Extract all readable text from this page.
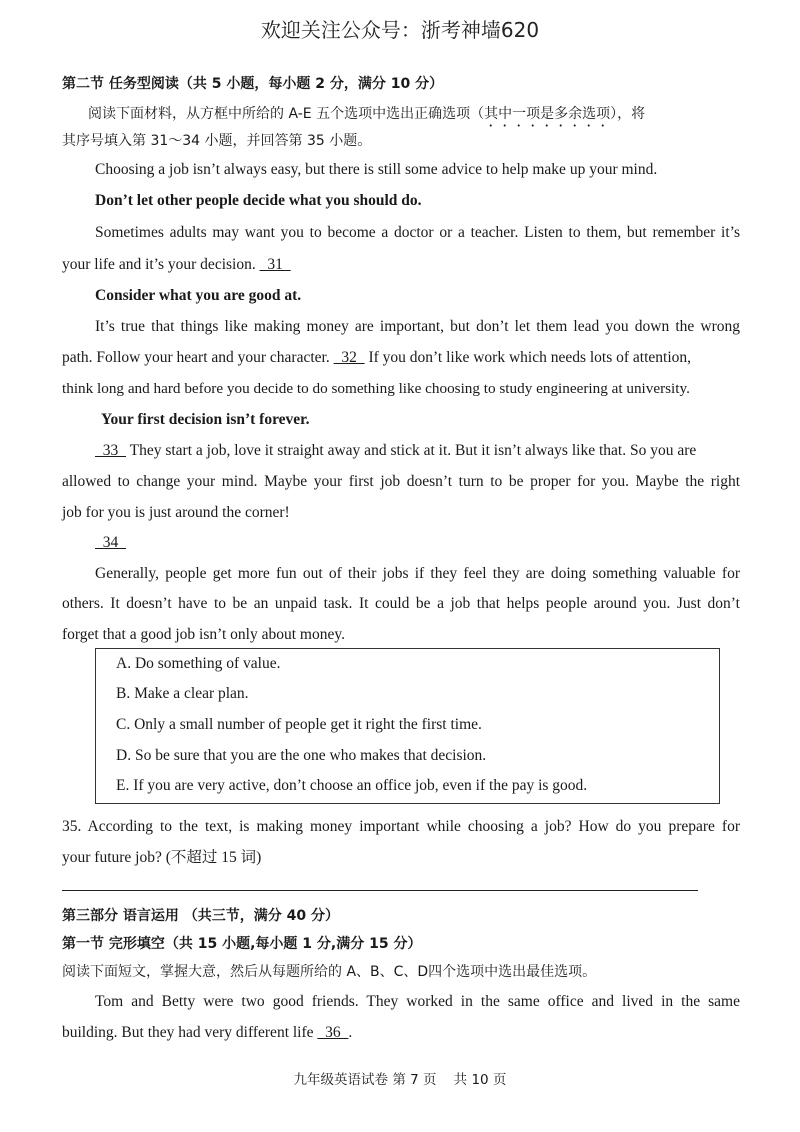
欢迎关注公众号：浙考神墙620
第二节 任务型阅读（共 5 小题，每小题 2 分，满分 10 分）
阅读下面材料，从方框中所给的 A-E 五个选项中选出正确选项（其中一项是多余选项），将
其序号填入第 31～34 小题，并回答第 35 小题。
Choosing a job isn’t always easy, but there is still some advice to help make up your mind.
Don’t let other people decide what you should do.
Sometimes adults may want you to become a doctor or a teacher. Listen to them, but remember it’s
your life and it’s your decision.   31
Consider what you are good at.
It’s true that things like making money are important, but don’t let them lead you down the wrong
path. Follow your heart and your character.   32   If you don’t like work which needs lots of attention,
think long and hard before you decide to do something like choosing to study engineering at university.
Your first decision isn’t forever.
33   They start a job, love it straight away and stick at it. But it isn’t always like that. So you are
allowed to change your mind. Maybe your first job doesn’t turn to be proper for you. Maybe the right
job for you is just around the corner!
34
Generally, people get more fun out of their jobs if they feel they are doing something valuable for
others. It doesn’t have to be an unpaid task. It could be a job that helps people around you. Just don’t
forget that a good job isn’t only about money.
A. Do something of value.
B. Make a clear plan.
C. Only a small number of people get it right the first time.
D. So be sure that you are the one who makes that decision.
E. If you are very active, don’t choose an office job, even if the pay is good.
35. According to the text, is making money important while choosing a job? How do you prepare for
your future job? (不超过 15 词)
第三部分 语言运用 （共三节，满分 40 分）
第一节 完形填空（共 15 小题,每小题 1 分,满分 15 分）
阅读下面短文，掌握大意，然后从每题所给的 A、B、C、D四个选项中选出最佳选项。
Tom and Betty were two good friends. They worked in the same office and lived in the same
building. But they had very different life   36  .
九年级英语试卷 第 7 页    共 10 页
